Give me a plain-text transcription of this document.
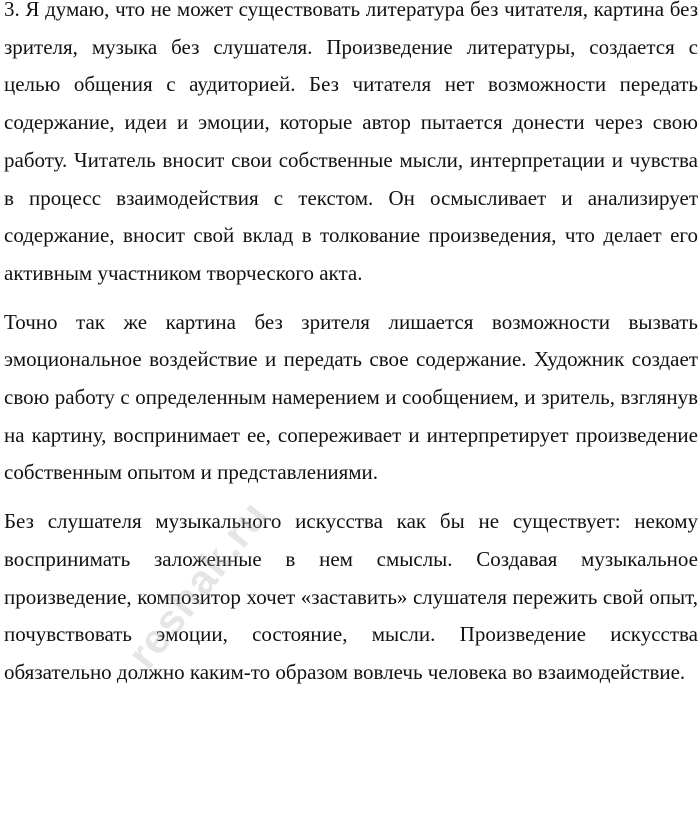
3. Я думаю, что не может существовать литература без читателя, картина без зрителя, музыка без слушателя. Произведение литературы, создается с целью общения с аудиторией. Без читателя нет возможности передать содержание, идеи и эмоции, которые автор пытается донести через свою работу. Читатель вносит свои собственные мысли, интерпретации и чувства в процесс взаимодействия с текстом. Он осмысливает и анализирует содержание, вносит свой вклад в толкование произведения, что делает его активным участником творческого акта.

Точно так же картина без зрителя лишается возможности вызвать эмоциональное воздействие и передать свое содержание. Художник создает свою работу с определенным намерением и сообщением, и зритель, взглянув на картину, воспринимает ее, сопереживает и интерпретирует произведение собственным опытом и представлениями.

Без слушателя музыкального искусства как бы не существует: некому воспринимать заложенные в нем смыслы. Создавая музыкальное произведение, композитор хочет «заставить» слушателя пережить свой опыт, почувствовать эмоции, состояние, мысли. Произведение искусства обязательно должно каким-то образом вовлечь человека во взаимодействие.

reshak.ru
